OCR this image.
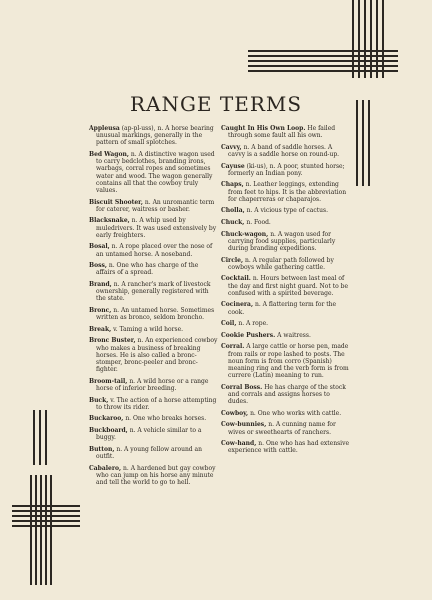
RANGE TERMS

Appleusa (ap-pl-uss), n. A horse bearing unusual markings, generally in the pattern of small splotches.

Bed Wagon, n. A distinctive wagon used to carry bedclothes, branding irons, warbags, corral ropes and sometimes water and wood. The wagon generally contains all that the cowboy truly values.

Biscuit Shooter, n. An unromantic term for caterer, waitress or basher.

Blacksnake, n. A whip used by muledrivers. It was used extensively by early freighters.

Bosal, n. A rope placed over the nose of an untamed horse. A noseband.

Boss, n. One who has charge of the affairs of a spread.

Brand, n. A rancher's mark of livestock ownership, generally registered with the state.

Bronc, n. An untamed horse. Sometimes written as bronco, seldom broncho.

Break, v. Taming a wild horse.

Bronc Buster, n. An experienced cowboy who makes a business of breaking horses. He is also called a bronc-stomper, bronc-peeler and bronc-fighter.

Broom-tail, n. A wild horse or a range horse of inferior breeding.

Buck, v. The action of a horse attempting to throw its rider.

Buckaroo, n. One who breaks horses.

Buckboard, n. A vehicle similar to a buggy.

Button, n. A young fellow around an outfit.

Cabalero, n. A hardened but gay cowboy who can jump on his horse any minute and tell the world to go to hell.

Caught In His Own Loop. He failed through some fault all his own.

Cavvy, n. A band of saddle horses. A cavvy is a saddle horse on round-up.

Cayuse (ki-us), n. A poor, stunted horse; formerly an Indian pony.

Chaps, n. Leather leggings, extending from feet to hips. It is the abbreviation for chaperreras or chaparajos.

Cholla, n. A vicious type of cactus.

Chuck, n. Food.

Chuck-wagon, n. A wagon used for carrying food supplies, particularly during branding expeditions.

Circle, n. A regular path followed by cowboys while gathering cattle.

Cocktail. n. Hours between last meal of the day and first night guard. Not to be confused with a spirited beverage.

Cocinera, n. A flattering term for the cook.

Coil, n. A rope.

Cookie Pushers. A waitress.

Corral. A large cattle or horse pen, made from rails or rope lashed to posts. The noun form is from corro (Spanish) meaning ring and the verb form is from currere (Latin) meaning to run.

Corral Boss. He has charge of the stock and corrals and assigns horses to dudes.

Cowboy, n. One who works with cattle.

Cow-bunnies, n. A cunning name for wives or sweethearts of ranchers.

Cow-hand, n. One who has had extensive experience with cattle.
